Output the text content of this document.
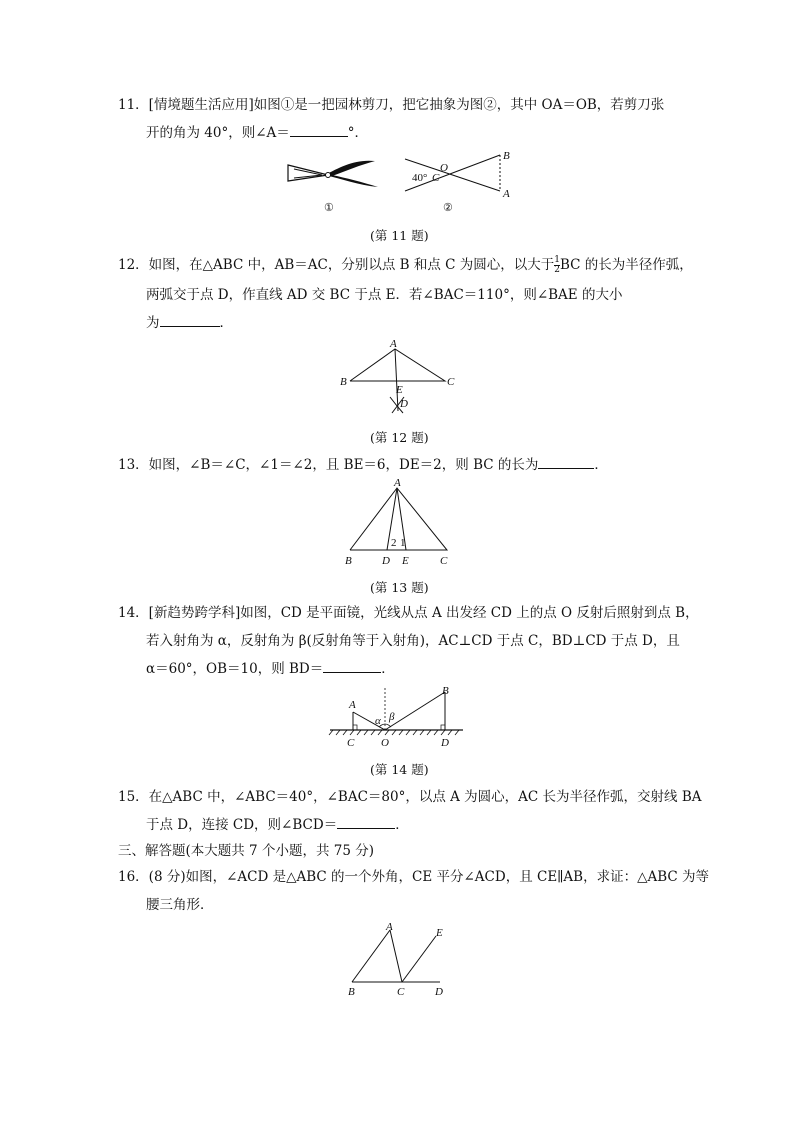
11．[情境题生活应用]如图①是一把园林剪刀，把它抽象为图②，其中 OA＝OB，若剪刀张
开的角为 40°，则∠A＝	°．
①
O
B
A
40° C
②
(第 11 题)
12．如图，在△ABC 中，AB＝AC，分别以点 B 和点 C 为圆心，以大于 $\frac{1}{2}$ BC 的长为半径作弧，
两弧交于点 D，作直线 AD 交 BC 于点 E．若∠BAC＝110°，则∠BAE 的大小
为	．
A
B	C
E
D
(第 12 题)
13．如图，∠B＝∠C，∠1＝∠2，且 BE＝6，DE＝2，则 BC 的长为	．
A
B	D E	C
2 1
(第 13 题)
14．[新趋势跨学科]如图，CD 是平面镜，光线从点 A 出发经 CD 上的点 O 反射后照射到点 B，
若入射角为 α，反射角为 β(反射角等于入射角)，AC⊥CD 于点 C，BD⊥CD 于点 D，且
α＝60°，OB＝10，则 BD＝	．
A
B
C O	D
α β
(第 14 题)
15．在△ABC 中，∠ABC＝40°，∠BAC＝80°，以点 A 为圆心，AC 长为半径作弧，交射线 BA
于点 D，连接 CD，则∠BCD＝	．
三、解答题(本大题共 7 个小题，共 75 分)
16．(8 分)如图，∠ACD 是△ABC 的一个外角，CE 平分∠ACD，且 CE∥AB，求证：△ABC 为等
腰三角形．
A	E
B	C	D
